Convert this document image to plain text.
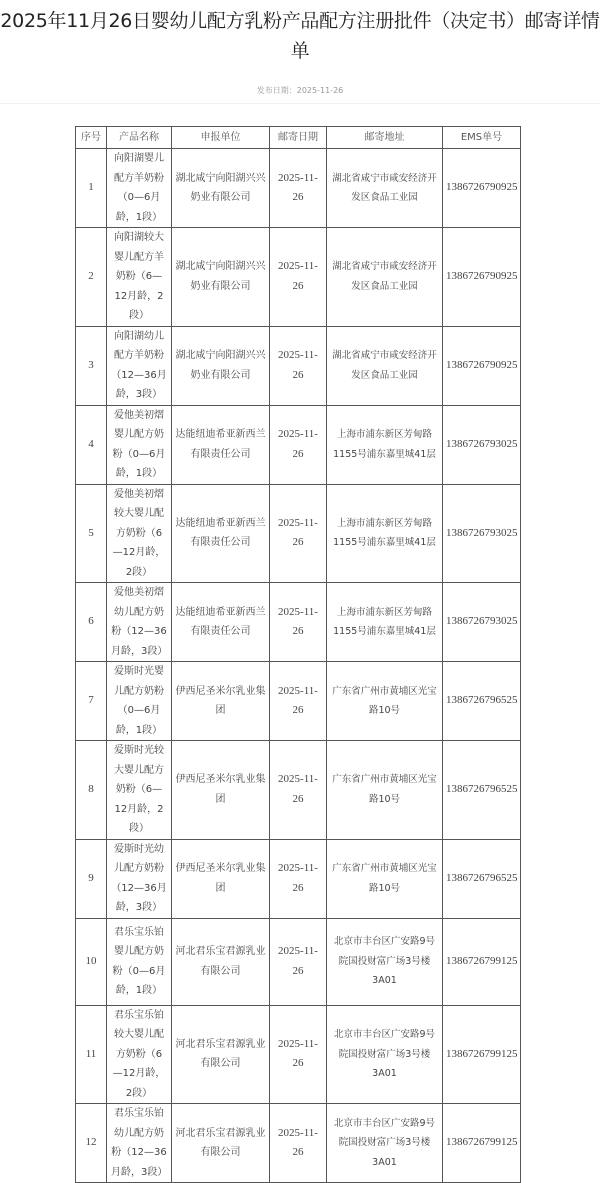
2025年11月26日婴幼儿配方乳粉产品配方注册批件（决定书）邮寄详情单
发布日期：2025-11-26
序号	产品名称	申报单位	邮寄日期	邮寄地址	EMS单号
1	向阳湖婴儿配方羊奶粉（0—6月龄，1段）	湖北咸宁向阳湖兴兴奶业有限公司	2025-11-26	湖北省咸宁市咸安经济开发区食品工业园	1386726790925
2	向阳湖较大婴儿配方羊奶粉（6—12月龄，2段）	湖北咸宁向阳湖兴兴奶业有限公司	2025-11-26	湖北省咸宁市咸安经济开发区食品工业园	1386726790925
3	向阳湖幼儿配方羊奶粉（12—36月龄，3段）	湖北咸宁向阳湖兴兴奶业有限公司	2025-11-26	湖北省咸宁市咸安经济开发区食品工业园	1386726790925
4	爱他美初熠婴儿配方奶粉（0—6月龄，1段）	达能纽迪希亚新西兰有限责任公司	2025-11-26	上海市浦东新区芳甸路1155号浦东嘉里城41层	1386726793025
5	爱他美初熠较大婴儿配方奶粉（6—12月龄，2段）	达能纽迪希亚新西兰有限责任公司	2025-11-26	上海市浦东新区芳甸路1155号浦东嘉里城41层	1386726793025
6	爱他美初熠幼儿配方奶粉（12—36月龄，3段）	达能纽迪希亚新西兰有限责任公司	2025-11-26	上海市浦东新区芳甸路1155号浦东嘉里城41层	1386726793025
7	爱斯时光婴儿配方奶粉（0—6月龄，1段）	伊西尼圣米尔乳业集团	2025-11-26	广东省广州市黄埔区光宝路10号	1386726796525
8	爱斯时光较大婴儿配方奶粉（6—12月龄，2段）	伊西尼圣米尔乳业集团	2025-11-26	广东省广州市黄埔区光宝路10号	1386726796525
9	爱斯时光幼儿配方奶粉（12—36月龄，3段）	伊西尼圣米尔乳业集团	2025-11-26	广东省广州市黄埔区光宝路10号	1386726796525
10	君乐宝乐铂婴儿配方奶粉（0—6月龄，1段）	河北君乐宝君源乳业有限公司	2025-11-26	北京市丰台区广安路9号院国投财富广场3号楼3A01	1386726799125
11	君乐宝乐铂较大婴儿配方奶粉（6—12月龄，2段）	河北君乐宝君源乳业有限公司	2025-11-26	北京市丰台区广安路9号院国投财富广场3号楼3A01	1386726799125
12	君乐宝乐铂幼儿配方奶粉（12—36月龄，3段）	河北君乐宝君源乳业有限公司	2025-11-26	北京市丰台区广安路9号院国投财富广场3号楼3A01	1386726799125
